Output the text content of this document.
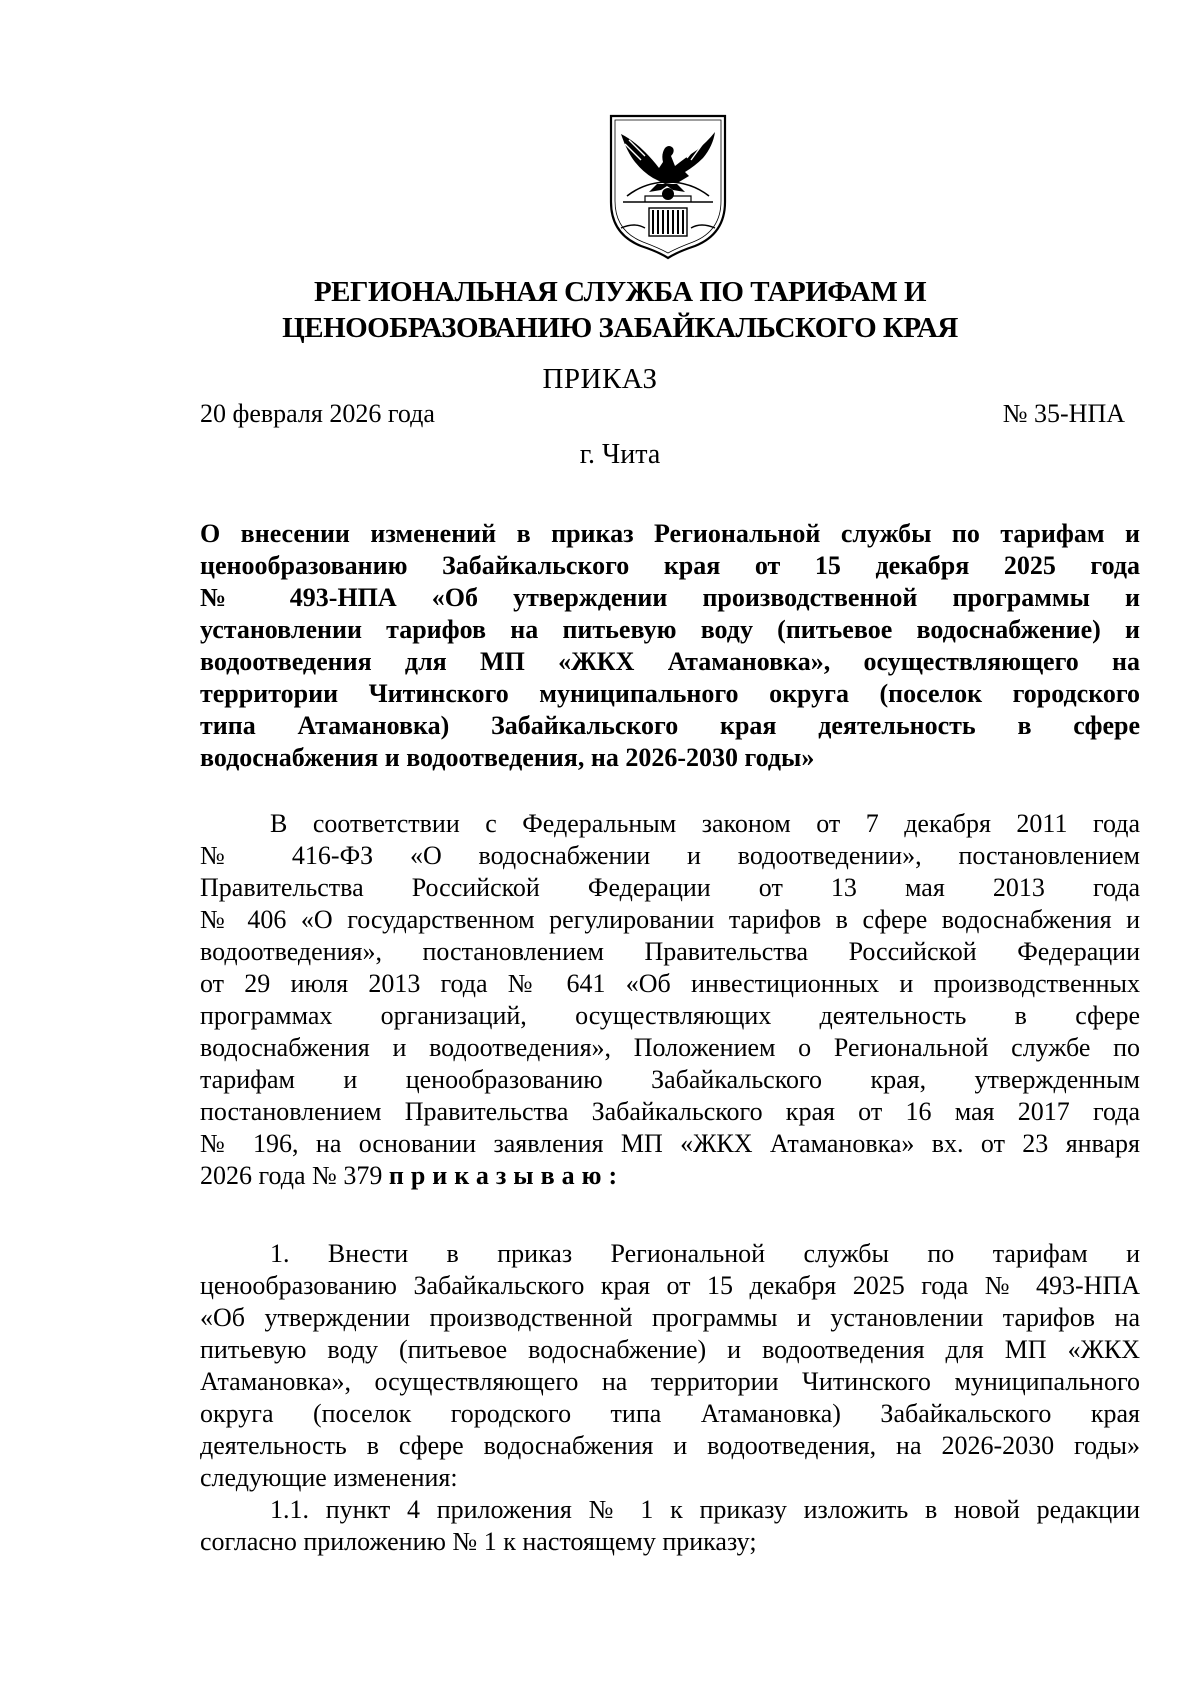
РЕГИОНАЛЬНАЯ СЛУЖБА ПО ТАРИФАМ И
ЦЕНООБРАЗОВАНИЮ ЗАБАЙКАЛЬСКОГО КРАЯ
ПРИКАЗ
20 февраля 2026 года	№ 35-НПА
г. Чита
О внесении изменений в приказ Региональной службы по тарифам и
ценообразованию Забайкальского края от 15 декабря 2025 года
№ 493-НПА «Об утверждении производственной программы и
установлении тарифов на питьевую воду (питьевое водоснабжение) и
водоотведения для МП «ЖКХ Атамановка», осуществляющего на
территории Читинского муниципального округа (поселок городского
типа Атамановка) Забайкальского края деятельность в сфере
водоснабжения и водоотведения, на 2026-2030 годы»
В соответствии с Федеральным законом от 7 декабря 2011 года
№ 416-ФЗ «О водоснабжении и водоотведении», постановлением
Правительства Российской Федерации от 13 мая 2013 года
№ 406 «О государственном регулировании тарифов в сфере водоснабжения и
водоотведения», постановлением Правительства Российской Федерации
от 29 июля 2013 года № 641 «Об инвестиционных и производственных
программах организаций, осуществляющих деятельность в сфере
водоснабжения и водоотведения», Положением о Региональной службе по
тарифам и ценообразованию Забайкальского края, утвержденным
постановлением Правительства Забайкальского края от 16 мая 2017 года
№ 196, на основании заявления МП «ЖКХ Атамановка» вх. от 23 января
2026 года № 379 приказываю:
1. Внести в приказ Региональной службы по тарифам и
ценообразованию Забайкальского края от 15 декабря 2025 года № 493-НПА
«Об утверждении производственной программы и установлении тарифов на
питьевую воду (питьевое водоснабжение) и водоотведения для МП «ЖКХ
Атамановка», осуществляющего на территории Читинского муниципального
округа (поселок городского типа Атамановка) Забайкальского края
деятельность в сфере водоснабжения и водоотведения, на 2026-2030 годы»
следующие изменения:
1.1. пункт 4 приложения № 1 к приказу изложить в новой редакции
согласно приложению № 1 к настоящему приказу;
